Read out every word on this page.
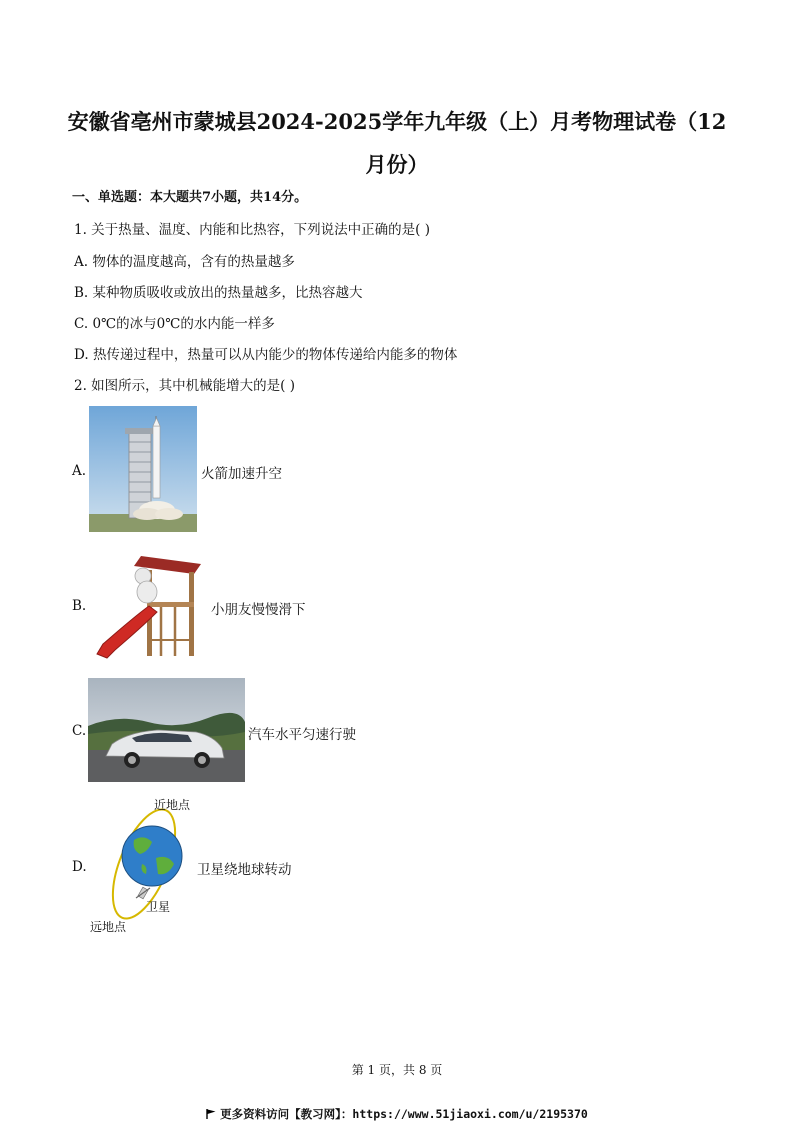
安徽省亳州市蒙城县2024-2025学年九年级（上）月考物理试卷（12月份）
一、单选题：本大题共7小题，共14分。
1. 关于热量、温度、内能和比热容，下列说法中正确的是( )
A. 物体的温度越高，含有的热量越多
B. 某种物质吸收或放出的热量越多，比热容越大
C. 0℃的冰与0℃的水内能一样多
D. 热传递过程中，热量可以从内能少的物体传递给内能多的物体
2. 如图所示，其中机械能增大的是( )
A.	火箭加速升空
B.	小朋友慢慢滑下
C.	汽车水平匀速行驶
D.
近地点
卫星
远地点
卫星绕地球转动
第 1 页，共 8 页
更多资料访问【教习网】：https://www.51jiaoxi.com/u/2195370
